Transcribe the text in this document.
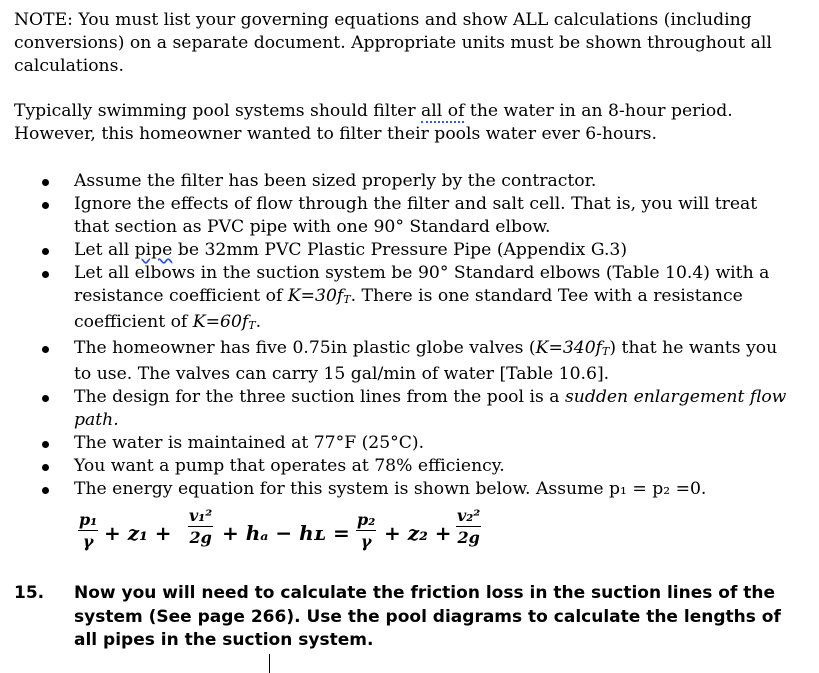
NOTE: You must list your governing equations and show ALL calculations (including conversions) on a separate document. Appropriate units must be shown throughout all calculations.
Typically swimming pool systems should filter all of the water in an 8-hour period. However, this homeowner wanted to filter their pools water ever 6-hours.
Assume the filter has been sized properly by the contractor.
Ignore the effects of flow through the filter and salt cell. That is, you will treat that section as PVC pipe with one 90° Standard elbow.
Let all pipe be 32mm PVC Plastic Pressure Pipe (Appendix G.3)
Let all elbows in the suction system be 90° Standard elbows (Table 10.4) with a resistance coefficient of K=30fT. There is one standard Tee with a resistance coefficient of K=60fT.
The homeowner has five 0.75in plastic globe valves (K=340fT) that he wants you to use. The valves can carry 15 gal/min of water [Table 10.6].
The design for the three suction lines from the pool is a sudden enlargement flow path.
The water is maintained at 77°F (25°C).
You want a pump that operates at 78% efficiency.
The energy equation for this system is shown below. Assume p₁ = p₂ =0.
p₁
γ + z₁ +
v₁²
2g + hₐ − hʟ =
p₂
γ + z₂ +
v₂²
2g
15. Now you will need to calculate the friction loss in the suction lines of the system (See page 266). Use the pool diagrams to calculate the lengths of all pipes in the suction system.
